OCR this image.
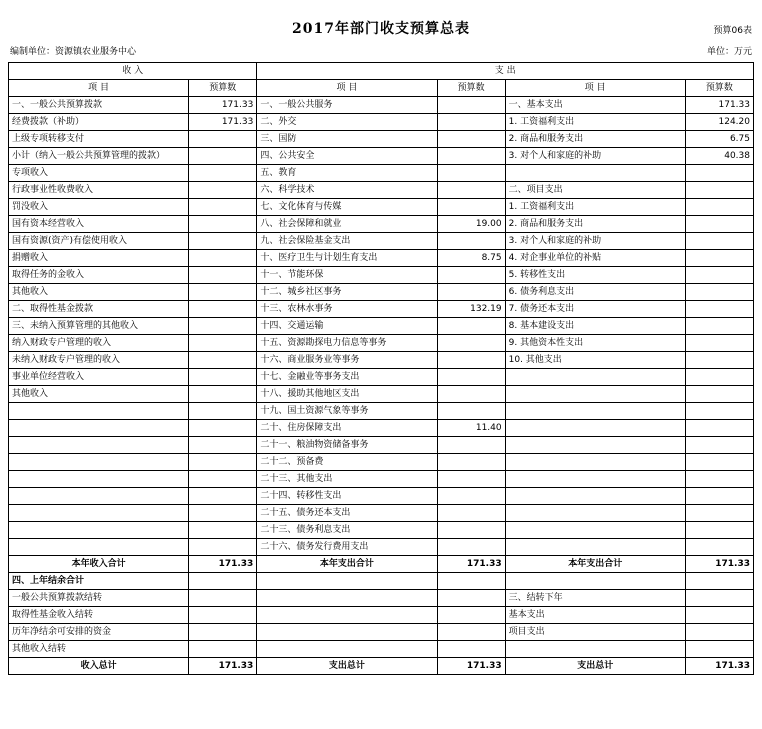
预算06表
2017年部门收支预算总表
编制单位：资源镇农业服务中心	单位：万元
收 入		支 出			
项 目	预算数	项 目	预算数	项 目	预算数
一、一般公共预算拨款	171.33	一、一般公共服务		一、基本支出	171.33
经费拨款（补助）	171.33	二、外交		1. 工资福利支出	124.20
上级专项转移支付		三、国防		2. 商品和服务支出	6.75
小计（纳入一般公共预算管理的拨款）		四、公共安全		3. 对个人和家庭的补助	40.38
专项收入		五、教育			
行政事业性收费收入		六、科学技术		二、项目支出	
罚没收入		七、文化体育与传媒		1. 工资福利支出	
国有资本经营收入		八、社会保障和就业	19.00	2. 商品和服务支出	
国有资源(资产)有偿使用收入		九、社会保险基金支出		3. 对个人和家庭的补助	
捐赠收入		十、医疗卫生与计划生育支出	8.75	4. 对企事业单位的补贴	
取得任务的金收入		十一、节能环保		5. 转移性支出	
其他收入		十二、城乡社区事务		6. 债务利息支出	
二、取得性基金拨款		十三、农林水事务	132.19	7. 债务还本支出	
三、未纳入预算管理的其他收入		十四、交通运输		8. 基本建设支出	
纳入财政专户管理的收入		十五、资源勘探电力信息等事务		9. 其他资本性支出	
未纳入财政专户管理的收入		十六、商业服务业等事务		10. 其他支出	
事业单位经营收入		十七、金融业等事务支出			
其他收入		十八、援助其他地区支出			
		十九、国土资源气象等事务			
		二十、住房保障支出	11.40		
		二十一、粮油物资储备事务			
		二十二、预备费			
		二十三、其他支出			
		二十四、转移性支出			
		二十五、债务还本支出			
		二十三、债务利息支出			
		二十六、债务发行费用支出			
本年收入合计	171.33	本年支出合计	171.33	本年支出合计	171.33
四、上年结余合计					
一般公共预算拨款结转				三、结转下年	
取得性基金收入结转				基本支出	
历年净结余可安排的资金				项目支出	
其他收入结转					
收入总计	171.33	支出总计	171.33	支出总计	171.33
